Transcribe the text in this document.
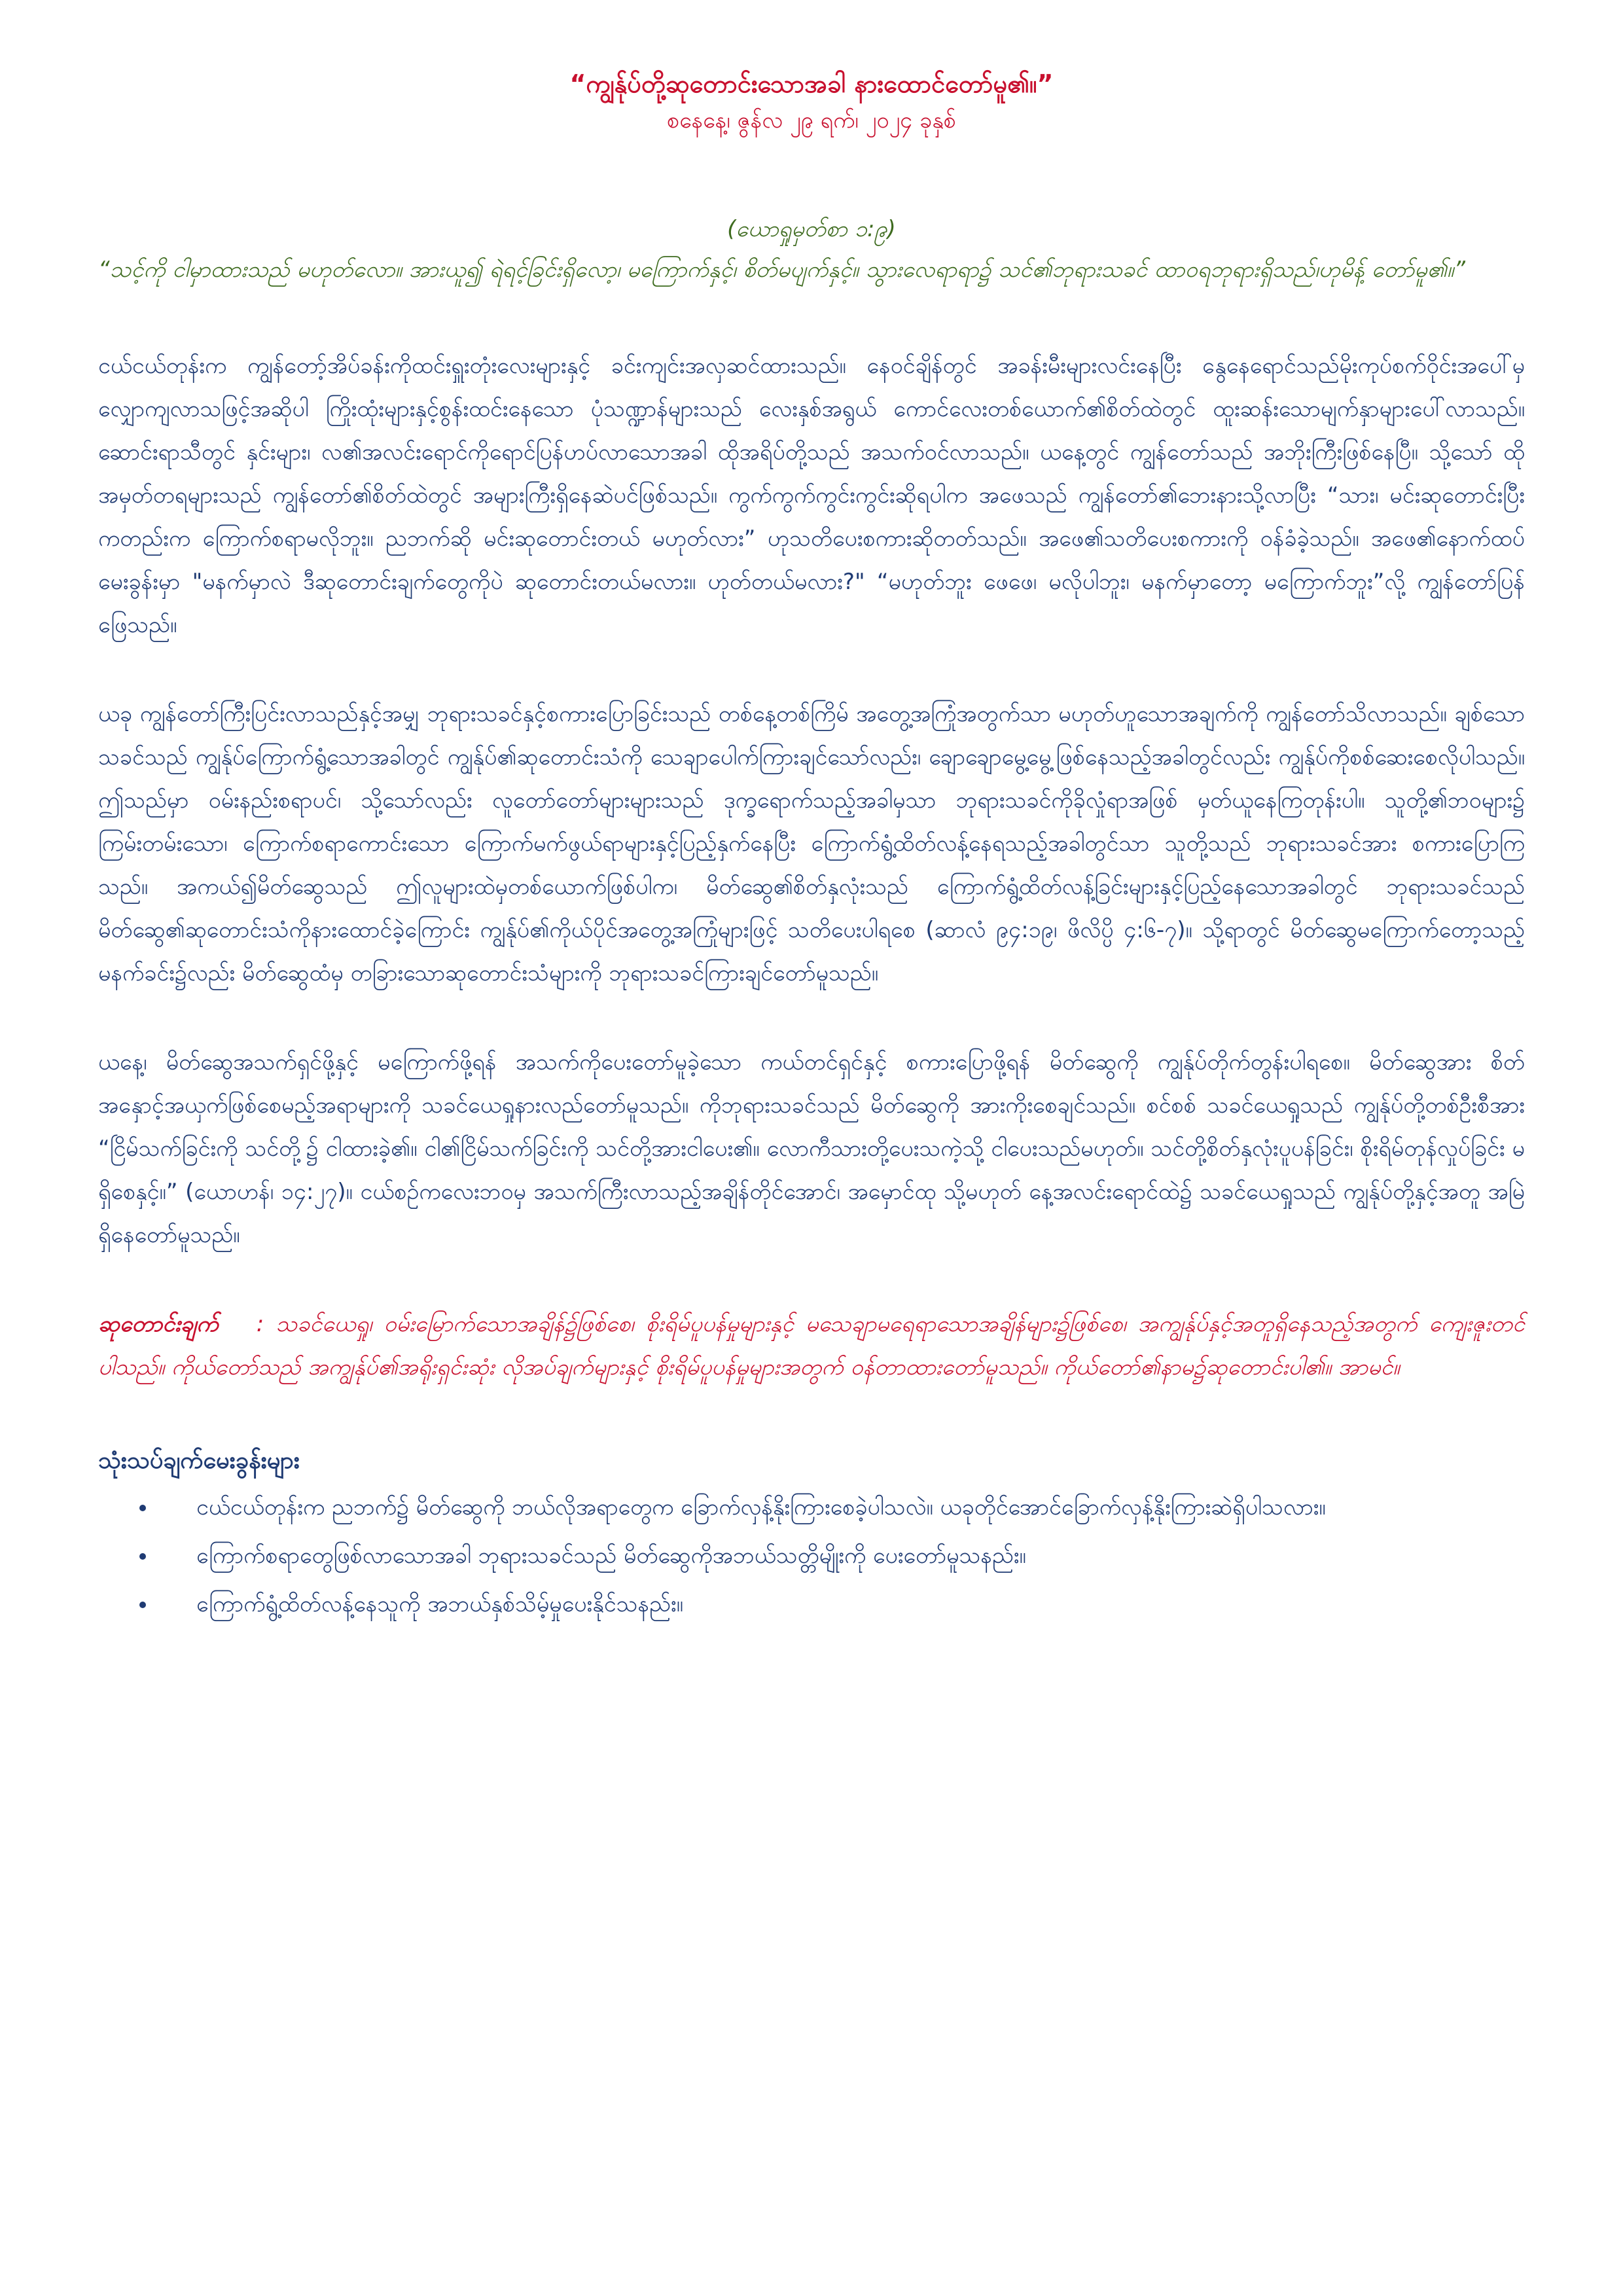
“ကျွန်ုပ်တို့ဆုတောင်းသောအခါ နားထောင်တော်မူ၏။”

စနေနေ့၊ ဇွန်လ ၂၉ ရက်၊ ၂၀၂၄ ခုနှစ်

(ယောရှုမှတ်စာ ၁:၉)

“သင့်ကို ငါမှာထားသည် မဟုတ်လော။ အားယူ၍ ရဲရင့်ခြင်းရှိလော့၊ မကြောက်နှင့်၊ စိတ်မပျက်နှင့်။ သွားလေရာရာ၌ သင်၏ဘုရားသခင် ထာဝရဘုရားရှိသည်၊ဟုမိန့် တော်မူ၏။”

ငယ်ငယ်တုန်းက ကျွန်တော့်အိပ်ခန်းကိုထင်းရှူးတုံးလေးများနှင့် ခင်းကျင်းအလှဆင်ထားသည်။ နေဝင်ချိန်တွင် အခန်းမီးများလင်းနေပြီး နွေနေရောင်သည်မိုးကုပ်စက်ဝိုင်းအပေါ်မှ လျှောကျလာသဖြင့်အဆိုပါ ကြိုးထုံးများနှင့်စွန်းထင်းနေသော ပုံသဏ္ဍာန်များသည် လေးနှစ်အရွယ် ကောင်လေးတစ်ယောက်၏စိတ်ထဲတွင် ထူးဆန်းသောမျက်နှာများပေါ်လာသည်။ ဆောင်းရာသီတွင် နှင်းများ၊ လ၏အလင်းရောင်ကိုရောင်ပြန်ဟပ်လာသောအခါ ထိုအရိပ်တို့သည် အသက်ဝင်လာသည်။ ယနေ့တွင် ကျွန်တော်သည် အဘိုးကြီးဖြစ်နေပြီ။ သို့သော် ထိုအမှတ်တရများသည် ကျွန်တော်၏စိတ်ထဲတွင် အများကြီးရှိနေဆဲပင်ဖြစ်သည်။ ကွက်ကွက်ကွင်းကွင်းဆိုရပါက အဖေသည် ကျွန်တော်၏ဘေးနားသို့လာပြီး “သား၊ မင်းဆုတောင်းပြီးကတည်းက ကြောက်စရာမလိုဘူး။ ညဘက်ဆို မင်းဆုတောင်းတယ် မဟုတ်လား” ဟုသတိပေးစကားဆိုတတ်သည်။ အဖေ၏သတိပေးစကားကို ဝန်ခံခဲ့သည်။ အဖေ၏နောက်ထပ်မေးခွန်းမှာ "မနက်မှာလဲ ဒီဆုတောင်းချက်တွေကိုပဲ ဆုတောင်းတယ်မလား။ ဟုတ်တယ်မလား?" “မဟုတ်ဘူး ဖေဖေ၊ မလိုပါဘူး၊ မနက်မှာတော့ မကြောက်ဘူး”လို့ ကျွန်တော်ပြန်ဖြေသည်။

ယခု ကျွန်တော်ကြီးပြင်းလာသည်နှင့်အမျှ ဘုရားသခင်နှင့်စကားပြောခြင်းသည် တစ်နေ့တစ်ကြိမ် အတွေ့အကြုံအတွက်သာ မဟုတ်ဟူသောအချက်ကို ကျွန်တော်သိလာသည်။ ချစ်သောသခင်သည် ကျွန်ုပ်ကြောက်ရွံ့သောအခါတွင် ကျွန်ုပ်၏ဆုတောင်းသံကို သေချာပေါက်ကြားချင်သော်လည်း၊ ချောချောမွေ့မွေ့ဖြစ်နေသည့်အခါတွင်လည်း ကျွန်ုပ်ကိုစစ်ဆေးစေလိုပါသည်။ ဤသည်မှာ ဝမ်းနည်းစရာပင်၊ သို့သော်လည်း လူတော်တော်များများသည် ဒုက္ခရောက်သည့်အခါမှသာ ဘုရားသခင်ကိုခိုလှုံရာအဖြစ် မှတ်ယူနေကြတုန်းပါ။ သူတို့၏ဘဝများ၌ ကြမ်းတမ်းသော၊ ကြောက်စရာကောင်းသော ကြောက်မက်ဖွယ်ရာများနှင့်ပြည့်နှက်နေပြီး ကြောက်ရွံ့ထိတ်လန့်နေရသည့်အခါတွင်သာ သူတို့သည် ဘုရားသခင်အား စကားပြောကြသည်။ အကယ်၍မိတ်ဆွေသည် ဤလူများထဲမှတစ်ယောက်ဖြစ်ပါက၊ မိတ်ဆွေ၏စိတ်နှလုံးသည် ကြောက်ရွံ့ထိတ်လန့်ခြင်းများနှင့်ပြည့်နေသောအခါတွင် ဘုရားသခင်သည် မိတ်ဆွေ၏ဆုတောင်းသံကိုနားထောင်ခဲ့ကြောင်း ကျွန်ုပ်၏ကိုယ်ပိုင်အတွေ့အကြုံများဖြင့် သတိပေးပါရစေ (ဆာလံ ၉၄:၁၉၊ ဖိလိပ္ပိ ၄:၆-၇)။ သို့ရာတွင် မိတ်ဆွေမကြောက်တော့သည့် မနက်ခင်း၌လည်း မိတ်ဆွေထံမှ တခြားသောဆုတောင်းသံများကို ဘုရားသခင်ကြားချင်တော်မူသည်။

ယနေ့၊ မိတ်ဆွေအသက်ရှင်ဖို့နှင့် မကြောက်ဖို့ရန် အသက်ကိုပေးတော်မူခဲ့သော ကယ်တင်ရှင်နှင့် စကားပြောဖို့ရန် မိတ်ဆွေကို ကျွန်ုပ်တိုက်တွန်းပါရစေ။ မိတ်ဆွေအား စိတ်အနှောင့်အယှက်ဖြစ်စေမည့်အရာများကို သခင်ယေရှုနားလည်တော်မူသည်။ ကိုဘုရားသခင်သည် မိတ်ဆွေကို အားကိုးစေချင်သည်။ စင်စစ် သခင်ယေရှုသည် ကျွန်ုပ်တို့တစ်ဦးစီအား “ငြိမ်သက်ခြင်းကို သင်တို့၌ ငါထားခဲ့၏။ ငါ၏ငြိမ်သက်ခြင်းကို သင်တို့အားငါပေး၏။ လောကီသားတို့ပေးသကဲ့သို့ ငါပေးသည်မဟုတ်။ သင်တို့စိတ်နှလုံးပူပန်ခြင်း၊ စိုးရိမ်တုန်လှုပ်ခြင်း မရှိစေနှင့်။” (ယောဟန်၊ ၁၄:၂၇)။ ငယ်စဉ်ကလေးဘဝမှ အသက်ကြီးလာသည့်အချိန်တိုင်အောင်၊ အမှောင်ထု သို့မဟုတ် နေ့အလင်းရောင်ထဲ၌ သခင်ယေရှုသည် ကျွန်ုပ်တို့နှင့်အတူ အမြဲရှိနေတော်မူသည်။

ဆုတောင်းချက် : သခင်ယေရှု၊ ဝမ်းမြောက်သောအချိန်၌ဖြစ်စေ၊ စိုးရိမ်ပူပန်မှုများနှင့် မသေချာမရေရာသောအချိန်များ၌ဖြစ်စေ၊ အကျွန်ုပ်နှင့်အတူရှိနေသည့်အတွက် ကျေးဇူးတင်ပါသည်။ ကိုယ်တော်သည် အကျွန်ုပ်၏အရိုးရှင်းဆုံး လိုအပ်ချက်များနှင့် စိုးရိမ်ပူပန်မှုများအတွက် ဝန်တာထားတော်မူသည်။ ကိုယ်တော်၏နာမ၌ဆုတောင်းပါ၏။ အာမင်။

သုံးသပ်ချက်မေးခွန်းများ
• ငယ်ငယ်တုန်းက ညဘက်၌ မိတ်ဆွေကို ဘယ်လိုအရာတွေက ခြောက်လှန့်နိုးကြားစေခဲ့ပါသလဲ။ ယခုတိုင်အောင်ခြောက်လှန့်နိုးကြားဆဲရှိပါသလား။
• ကြောက်စရာတွေဖြစ်လာသောအခါ ဘုရားသခင်သည် မိတ်ဆွေကိုအဘယ်သတ္တိမျိုးကို ပေးတော်မူသနည်း။
• ကြောက်ရွံ့ထိတ်လန့်နေသူကို အဘယ်နှစ်သိမ့်မှုပေးနိုင်သနည်း။
